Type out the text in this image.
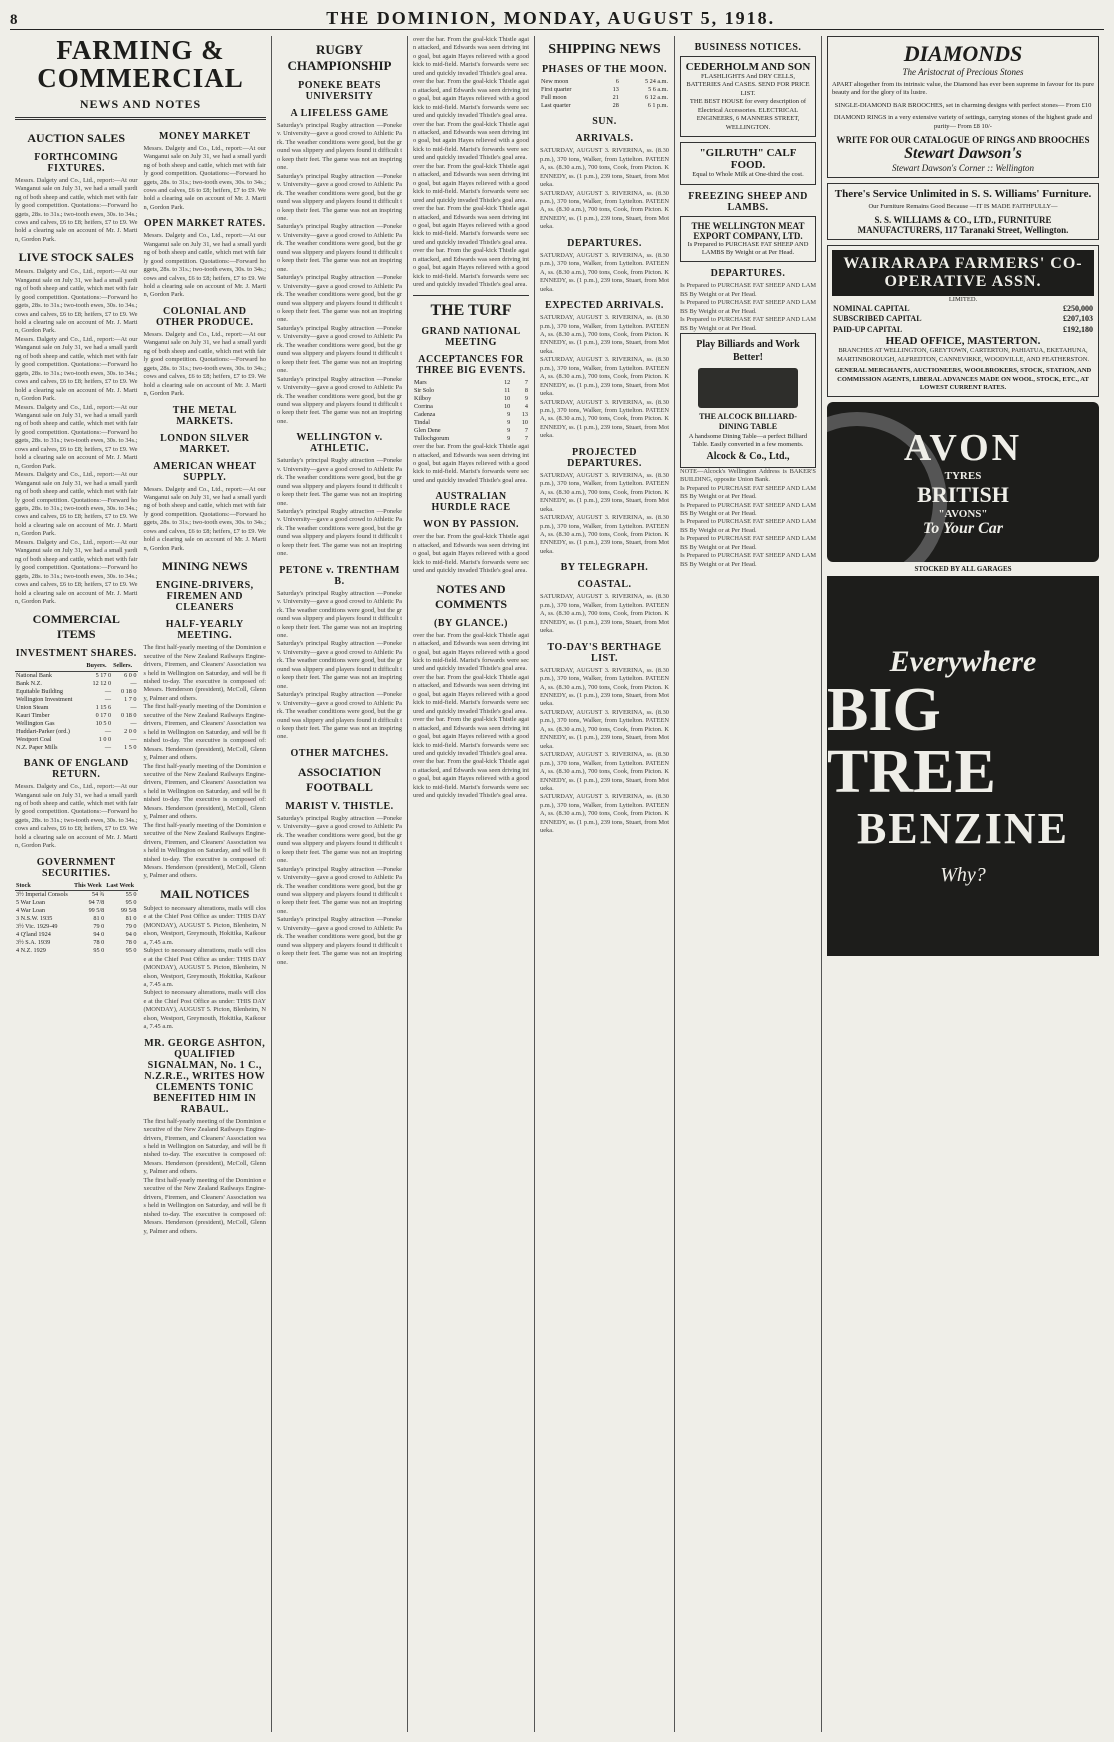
8	THE DOMINION, MONDAY, AUGUST 5, 1918.
FARMING & COMMERCIAL
NEWS AND NOTES
AUCTION SALES
FORTHCOMING FIXTURES.
Messrs. Dalgety and Co., Ltd., report:—At our Wanganui sale on July 31, we had a small yarding of both sheep and cattle, which met with fairly good competition. Quotations:—Forward hoggets, 28s. to 31s.; two-tooth ewes, 30s. to 34s.; cows and calves, £6 to £8; heifers, £7 to £9. We hold a clearing sale on account of Mr. J. Martin, Gordon Park.
LIVE STOCK SALES
Messrs. Dalgety and Co., Ltd., report:—At our Wanganui sale on July 31, we had a small yarding of both sheep and cattle, which met with fairly good competition. Quotations:—Forward hoggets, 28s. to 31s.; two-tooth ewes, 30s. to 34s.; cows and calves, £6 to £8; heifers, £7 to £9. We hold a clearing sale on account of Mr. J. Martin, Gordon Park.
Messrs. Dalgety and Co., Ltd., report:—At our Wanganui sale on July 31, we had a small yarding of both sheep and cattle, which met with fairly good competition. Quotations:—Forward hoggets, 28s. to 31s.; two-tooth ewes, 30s. to 34s.; cows and calves, £6 to £8; heifers, £7 to £9. We hold a clearing sale on account of Mr. J. Martin, Gordon Park.
Messrs. Dalgety and Co., Ltd., report:—At our Wanganui sale on July 31, we had a small yarding of both sheep and cattle, which met with fairly good competition. Quotations:—Forward hoggets, 28s. to 31s.; two-tooth ewes, 30s. to 34s.; cows and calves, £6 to £8; heifers, £7 to £9. We hold a clearing sale on account of Mr. J. Martin, Gordon Park.
Messrs. Dalgety and Co., Ltd., report:—At our Wanganui sale on July 31, we had a small yarding of both sheep and cattle, which met with fairly good competition. Quotations:—Forward hoggets, 28s. to 31s.; two-tooth ewes, 30s. to 34s.; cows and calves, £6 to £8; heifers, £7 to £9. We hold a clearing sale on account of Mr. J. Martin, Gordon Park.
Messrs. Dalgety and Co., Ltd., report:—At our Wanganui sale on July 31, we had a small yarding of both sheep and cattle, which met with fairly good competition. Quotations:—Forward hoggets, 28s. to 31s.; two-tooth ewes, 30s. to 34s.; cows and calves, £6 to £8; heifers, £7 to £9. We hold a clearing sale on account of Mr. J. Martin, Gordon Park.
COMMERCIAL ITEMS
INVESTMENT SHARES.
	Buyers.	Sellers.
National Bank	5 17 0	6 0 0
Bank N.Z.	12 12 0	—
Equitable Building	—	0 18 0
Wellington Investment	—	1 7 0
Union Steam	1 15 6	—
Kauri Timber	0 17 0	0 18 0
Wellington Gas	10 5 0	—
Huddart-Parker (ord.)	—	2 0 0
Westport Coal	1 0 0	—
N.Z. Paper Mills	—	1 5 0
BANK OF ENGLAND RETURN.
Messrs. Dalgety and Co., Ltd., report:—At our Wanganui sale on July 31, we had a small yarding of both sheep and cattle, which met with fairly good competition. Quotations:—Forward hoggets, 28s. to 31s.; two-tooth ewes, 30s. to 34s.; cows and calves, £6 to £8; heifers, £7 to £9. We hold a clearing sale on account of Mr. J. Martin, Gordon Park.
GOVERNMENT SECURITIES.
Stock	This Week	Last Week
3½ Imperial Consols	54 ¾	55 0
5 War Loan	94 7/8	95 0
4 War Loan	99 5/8	99 5/8
3 N.S.W. 1935	81 0	81 0
3½ Vic. 1929-49	79 0	79 0
4 Q'land 1924	94 0	94 0
3½ S.A. 1939	78 0	78 0
4 N.Z. 1929	95 0	95 0
MONEY MARKET
Messrs. Dalgety and Co., Ltd., report:—At our Wanganui sale on July 31, we had a small yarding of both sheep and cattle, which met with fairly good competition. Quotations:—Forward hoggets, 28s. to 31s.; two-tooth ewes, 30s. to 34s.; cows and calves, £6 to £8; heifers, £7 to £9. We hold a clearing sale on account of Mr. J. Martin, Gordon Park.
OPEN MARKET RATES.
Messrs. Dalgety and Co., Ltd., report:—At our Wanganui sale on July 31, we had a small yarding of both sheep and cattle, which met with fairly good competition. Quotations:—Forward hoggets, 28s. to 31s.; two-tooth ewes, 30s. to 34s.; cows and calves, £6 to £8; heifers, £7 to £9. We hold a clearing sale on account of Mr. J. Martin, Gordon Park.
COLONIAL AND OTHER PRODUCE.
Messrs. Dalgety and Co., Ltd., report:—At our Wanganui sale on July 31, we had a small yarding of both sheep and cattle, which met with fairly good competition. Quotations:—Forward hoggets, 28s. to 31s.; two-tooth ewes, 30s. to 34s.; cows and calves, £6 to £8; heifers, £7 to £9. We hold a clearing sale on account of Mr. J. Martin, Gordon Park.
THE METAL MARKETS.
LONDON SILVER MARKET.
AMERICAN WHEAT SUPPLY.
Messrs. Dalgety and Co., Ltd., report:—At our Wanganui sale on July 31, we had a small yarding of both sheep and cattle, which met with fairly good competition. Quotations:—Forward hoggets, 28s. to 31s.; two-tooth ewes, 30s. to 34s.; cows and calves, £6 to £8; heifers, £7 to £9. We hold a clearing sale on account of Mr. J. Martin, Gordon Park.
MINING NEWS
ENGINE-DRIVERS, FIREMEN AND CLEANERS
HALF-YEARLY MEETING.
The first half-yearly meeting of the Dominion executive of the New Zealand Railways Engine-drivers, Firemen, and Cleaners' Association was held in Wellington on Saturday, and will be finished to-day. The executive is composed of: Messrs. Henderson (president), McColl, Glenny, Palmer and others.
The first half-yearly meeting of the Dominion executive of the New Zealand Railways Engine-drivers, Firemen, and Cleaners' Association was held in Wellington on Saturday, and will be finished to-day. The executive is composed of: Messrs. Henderson (president), McColl, Glenny, Palmer and others.
The first half-yearly meeting of the Dominion executive of the New Zealand Railways Engine-drivers, Firemen, and Cleaners' Association was held in Wellington on Saturday, and will be finished to-day. The executive is composed of: Messrs. Henderson (president), McColl, Glenny, Palmer and others.
The first half-yearly meeting of the Dominion executive of the New Zealand Railways Engine-drivers, Firemen, and Cleaners' Association was held in Wellington on Saturday, and will be finished to-day. The executive is composed of: Messrs. Henderson (president), McColl, Glenny, Palmer and others.
MAIL NOTICES
Subject to necessary alterations, mails will close at the Chief Post Office as under: THIS DAY (MONDAY), AUGUST 5. Picton, Blenheim, Nelson, Westport, Greymouth, Hokitika, Kaikoura, 7.45 a.m.
Subject to necessary alterations, mails will close at the Chief Post Office as under: THIS DAY (MONDAY), AUGUST 5. Picton, Blenheim, Nelson, Westport, Greymouth, Hokitika, Kaikoura, 7.45 a.m.
Subject to necessary alterations, mails will close at the Chief Post Office as under: THIS DAY (MONDAY), AUGUST 5. Picton, Blenheim, Nelson, Westport, Greymouth, Hokitika, Kaikoura, 7.45 a.m.
MR. GEORGE ASHTON, QUALIFIED SIGNALMAN, No. 1 C., N.Z.R.E., WRITES HOW CLEMENTS TONIC BENEFITED HIM IN RABAUL.
The first half-yearly meeting of the Dominion executive of the New Zealand Railways Engine-drivers, Firemen, and Cleaners' Association was held in Wellington on Saturday, and will be finished to-day. The executive is composed of: Messrs. Henderson (president), McColl, Glenny, Palmer and others.
The first half-yearly meeting of the Dominion executive of the New Zealand Railways Engine-drivers, Firemen, and Cleaners' Association was held in Wellington on Saturday, and will be finished to-day. The executive is composed of: Messrs. Henderson (president), McColl, Glenny, Palmer and others.
RUGBY CHAMPIONSHIP
PONEKE BEATS UNIVERSITY
A LIFELESS GAME
Saturday's principal Rugby attraction —Poneke v. University—gave a good crowd to Athletic Park. The weather conditions were good, but the ground was slippery and players found it difficult to keep their feet. The game was not an inspiring one.
Saturday's principal Rugby attraction —Poneke v. University—gave a good crowd to Athletic Park. The weather conditions were good, but the ground was slippery and players found it difficult to keep their feet. The game was not an inspiring one.
Saturday's principal Rugby attraction —Poneke v. University—gave a good crowd to Athletic Park. The weather conditions were good, but the ground was slippery and players found it difficult to keep their feet. The game was not an inspiring one.
Saturday's principal Rugby attraction —Poneke v. University—gave a good crowd to Athletic Park. The weather conditions were good, but the ground was slippery and players found it difficult to keep their feet. The game was not an inspiring one.
Saturday's principal Rugby attraction —Poneke v. University—gave a good crowd to Athletic Park. The weather conditions were good, but the ground was slippery and players found it difficult to keep their feet. The game was not an inspiring one.
Saturday's principal Rugby attraction —Poneke v. University—gave a good crowd to Athletic Park. The weather conditions were good, but the ground was slippery and players found it difficult to keep their feet. The game was not an inspiring one.
WELLINGTON v. ATHLETIC.
Saturday's principal Rugby attraction —Poneke v. University—gave a good crowd to Athletic Park. The weather conditions were good, but the ground was slippery and players found it difficult to keep their feet. The game was not an inspiring one.
Saturday's principal Rugby attraction —Poneke v. University—gave a good crowd to Athletic Park. The weather conditions were good, but the ground was slippery and players found it difficult to keep their feet. The game was not an inspiring one.
PETONE v. TRENTHAM B.
Saturday's principal Rugby attraction —Poneke v. University—gave a good crowd to Athletic Park. The weather conditions were good, but the ground was slippery and players found it difficult to keep their feet. The game was not an inspiring one.
Saturday's principal Rugby attraction —Poneke v. University—gave a good crowd to Athletic Park. The weather conditions were good, but the ground was slippery and players found it difficult to keep their feet. The game was not an inspiring one.
Saturday's principal Rugby attraction —Poneke v. University—gave a good crowd to Athletic Park. The weather conditions were good, but the ground was slippery and players found it difficult to keep their feet. The game was not an inspiring one.
OTHER MATCHES.
ASSOCIATION FOOTBALL
MARIST V. THISTLE.
Saturday's principal Rugby attraction —Poneke v. University—gave a good crowd to Athletic Park. The weather conditions were good, but the ground was slippery and players found it difficult to keep their feet. The game was not an inspiring one.
Saturday's principal Rugby attraction —Poneke v. University—gave a good crowd to Athletic Park. The weather conditions were good, but the ground was slippery and players found it difficult to keep their feet. The game was not an inspiring one.
Saturday's principal Rugby attraction —Poneke v. University—gave a good crowd to Athletic Park. The weather conditions were good, but the ground was slippery and players found it difficult to keep their feet. The game was not an inspiring one.
over the bar. From the goal-kick Thistle again attacked, and Edwards was seen driving into goal, but again Hayes relieved with a good kick to mid-field. Marist's forwards were secured and quickly invaded Thistle's goal area.
over the bar. From the goal-kick Thistle again attacked, and Edwards was seen driving into goal, but again Hayes relieved with a good kick to mid-field. Marist's forwards were secured and quickly invaded Thistle's goal area.
over the bar. From the goal-kick Thistle again attacked, and Edwards was seen driving into goal, but again Hayes relieved with a good kick to mid-field. Marist's forwards were secured and quickly invaded Thistle's goal area.
over the bar. From the goal-kick Thistle again attacked, and Edwards was seen driving into goal, but again Hayes relieved with a good kick to mid-field. Marist's forwards were secured and quickly invaded Thistle's goal area.
over the bar. From the goal-kick Thistle again attacked, and Edwards was seen driving into goal, but again Hayes relieved with a good kick to mid-field. Marist's forwards were secured and quickly invaded Thistle's goal area.
over the bar. From the goal-kick Thistle again attacked, and Edwards was seen driving into goal, but again Hayes relieved with a good kick to mid-field. Marist's forwards were secured and quickly invaded Thistle's goal area.
THE TURF
GRAND NATIONAL MEETING
ACCEPTANCES FOR THREE BIG EVENTS.
Mars	12	7
Sir Solo	11	8
Kilboy	10	9
Corrina	10	4
Cadenza	9	13
Tindal	9	10
Glen Dene	9	7
Tullochgorum	9	7
over the bar. From the goal-kick Thistle again attacked, and Edwards was seen driving into goal, but again Hayes relieved with a good kick to mid-field. Marist's forwards were secured and quickly invaded Thistle's goal area.
AUSTRALIAN HURDLE RACE
WON BY PASSION.
over the bar. From the goal-kick Thistle again attacked, and Edwards was seen driving into goal, but again Hayes relieved with a good kick to mid-field. Marist's forwards were secured and quickly invaded Thistle's goal area.
NOTES AND COMMENTS
(BY GLANCE.)
over the bar. From the goal-kick Thistle again attacked, and Edwards was seen driving into goal, but again Hayes relieved with a good kick to mid-field. Marist's forwards were secured and quickly invaded Thistle's goal area.
over the bar. From the goal-kick Thistle again attacked, and Edwards was seen driving into goal, but again Hayes relieved with a good kick to mid-field. Marist's forwards were secured and quickly invaded Thistle's goal area.
over the bar. From the goal-kick Thistle again attacked, and Edwards was seen driving into goal, but again Hayes relieved with a good kick to mid-field. Marist's forwards were secured and quickly invaded Thistle's goal area.
over the bar. From the goal-kick Thistle again attacked, and Edwards was seen driving into goal, but again Hayes relieved with a good kick to mid-field. Marist's forwards were secured and quickly invaded Thistle's goal area.
SHIPPING NEWS
PHASES OF THE MOON.
New moon	6	5 24 a.m.
First quarter	13	5 6 a.m.
Full moon	21	6 12 a.m.
Last quarter	28	6 1 p.m.
SUN.
ARRIVALS.
SATURDAY, AUGUST 3. RIVERINA, ss. (8.30 p.m.), 370 tons, Walker, from Lyttelton. PATEENA, ss. (8.30 a.m.), 700 tons, Cook, from Picton. KENNEDY, ss. (1 p.m.), 239 tons, Stuart, from Motueka.
SATURDAY, AUGUST 3. RIVERINA, ss. (8.30 p.m.), 370 tons, Walker, from Lyttelton. PATEENA, ss. (8.30 a.m.), 700 tons, Cook, from Picton. KENNEDY, ss. (1 p.m.), 239 tons, Stuart, from Motueka.
DEPARTURES.
SATURDAY, AUGUST 3. RIVERINA, ss. (8.30 p.m.), 370 tons, Walker, from Lyttelton. PATEENA, ss. (8.30 a.m.), 700 tons, Cook, from Picton. KENNEDY, ss. (1 p.m.), 239 tons, Stuart, from Motueka.
EXPECTED ARRIVALS.
SATURDAY, AUGUST 3. RIVERINA, ss. (8.30 p.m.), 370 tons, Walker, from Lyttelton. PATEENA, ss. (8.30 a.m.), 700 tons, Cook, from Picton. KENNEDY, ss. (1 p.m.), 239 tons, Stuart, from Motueka.
SATURDAY, AUGUST 3. RIVERINA, ss. (8.30 p.m.), 370 tons, Walker, from Lyttelton. PATEENA, ss. (8.30 a.m.), 700 tons, Cook, from Picton. KENNEDY, ss. (1 p.m.), 239 tons, Stuart, from Motueka.
SATURDAY, AUGUST 3. RIVERINA, ss. (8.30 p.m.), 370 tons, Walker, from Lyttelton. PATEENA, ss. (8.30 a.m.), 700 tons, Cook, from Picton. KENNEDY, ss. (1 p.m.), 239 tons, Stuart, from Motueka.
PROJECTED DEPARTURES.
SATURDAY, AUGUST 3. RIVERINA, ss. (8.30 p.m.), 370 tons, Walker, from Lyttelton. PATEENA, ss. (8.30 a.m.), 700 tons, Cook, from Picton. KENNEDY, ss. (1 p.m.), 239 tons, Stuart, from Motueka.
SATURDAY, AUGUST 3. RIVERINA, ss. (8.30 p.m.), 370 tons, Walker, from Lyttelton. PATEENA, ss. (8.30 a.m.), 700 tons, Cook, from Picton. KENNEDY, ss. (1 p.m.), 239 tons, Stuart, from Motueka.
BY TELEGRAPH.
COASTAL.
SATURDAY, AUGUST 3. RIVERINA, ss. (8.30 p.m.), 370 tons, Walker, from Lyttelton. PATEENA, ss. (8.30 a.m.), 700 tons, Cook, from Picton. KENNEDY, ss. (1 p.m.), 239 tons, Stuart, from Motueka.
TO-DAY'S BERTHAGE LIST.
SATURDAY, AUGUST 3. RIVERINA, ss. (8.30 p.m.), 370 tons, Walker, from Lyttelton. PATEENA, ss. (8.30 a.m.), 700 tons, Cook, from Picton. KENNEDY, ss. (1 p.m.), 239 tons, Stuart, from Motueka.
SATURDAY, AUGUST 3. RIVERINA, ss. (8.30 p.m.), 370 tons, Walker, from Lyttelton. PATEENA, ss. (8.30 a.m.), 700 tons, Cook, from Picton. KENNEDY, ss. (1 p.m.), 239 tons, Stuart, from Motueka.
SATURDAY, AUGUST 3. RIVERINA, ss. (8.30 p.m.), 370 tons, Walker, from Lyttelton. PATEENA, ss. (8.30 a.m.), 700 tons, Cook, from Picton. KENNEDY, ss. (1 p.m.), 239 tons, Stuart, from Motueka.
SATURDAY, AUGUST 3. RIVERINA, ss. (8.30 p.m.), 370 tons, Walker, from Lyttelton. PATEENA, ss. (8.30 a.m.), 700 tons, Cook, from Picton. KENNEDY, ss. (1 p.m.), 239 tons, Stuart, from Motueka.
BUSINESS NOTICES.
CEDERHOLM AND SON
FLASHLIGHTS And DRY CELLS, BATTERIES And CASES. SEND FOR PRICE LIST.
THE BEST HOUSE for every description of Electrical Accessories. ELECTRICAL ENGINEERS, 6 MANNERS STREET, WELLINGTON.
"GILRUTH" CALF FOOD.
Equal to Whole Milk at One-third the cost.
FREEZING SHEEP AND LAMBS.
THE WELLINGTON MEAT EXPORT COMPANY, LTD.
Is Prepared to PURCHASE FAT SHEEP AND LAMBS By Weight or at Per Head.
DEPARTURES.
Is Prepared to PURCHASE FAT SHEEP AND LAMBS By Weight or at Per Head.
Is Prepared to PURCHASE FAT SHEEP AND LAMBS By Weight or at Per Head.
Is Prepared to PURCHASE FAT SHEEP AND LAMBS By Weight or at Per Head.
Play Billiards and Work Better!
THE ALCOCK BILLIARD-DINING TABLE
A handsome Dining Table—a perfect Billiard Table. Easily converted in a few moments.
Alcock & Co., Ltd.,
NOTE—Alcock's Wellington Address is BAKER'S BUILDING, opposite Union Bank.
Is Prepared to PURCHASE FAT SHEEP AND LAMBS By Weight or at Per Head.
Is Prepared to PURCHASE FAT SHEEP AND LAMBS By Weight or at Per Head.
Is Prepared to PURCHASE FAT SHEEP AND LAMBS By Weight or at Per Head.
Is Prepared to PURCHASE FAT SHEEP AND LAMBS By Weight or at Per Head.
Is Prepared to PURCHASE FAT SHEEP AND LAMBS By Weight or at Per Head.
DIAMONDS
The Aristocrat of Precious Stones
APART altogether from its intrinsic value, the Diamond has ever been supreme in favour for its pure beauty and for the glory of its lustre.
SINGLE-DIAMOND BAR BROOCHES, set in charming designs with perfect stones— From £10
DIAMOND RINGS in a very extensive variety of settings, carrying stones of the highest grade and purity— From £8 10/-
WRITE FOR OUR CATALOGUE OF RINGS AND BROOCHES
Stewart Dawson's
Stewart Dawson's Corner :: Wellington
There's Service Unlimited in S. S. Williams' Furniture.
Our Furniture Remains Good Because —IT IS MADE FAITHFULLY—
S. S. WILLIAMS & CO., LTD., FURNITURE MANUFACTURERS, 117 Taranaki Street, Wellington.
WAIRARAPA FARMERS' CO-OPERATIVE ASSN.
LIMITED.
NOMINAL CAPITAL	£250,000
SUBSCRIBED CAPITAL	£207,103
PAID-UP CAPITAL	£192,180
HEAD OFFICE, MASTERTON.
BRANCHES AT WELLINGTON, GREYTOWN, CARTERTON, PAHIATUA, EKETAHUNA, MARTINBOROUGH, ALFREDTON, CANNEVIRKE, WOODVILLE, AND FEATHERSTON.
GENERAL MERCHANTS, AUCTIONEERS, WOOLBROKERS, STOCK, STATION, AND COMMISSION AGENTS, LIBERAL ADVANCES MADE ON WOOL, STOCK, ETC., AT LOWEST CURRENT RATES.
AVON
TYRES
BRITISH
"AVONS"
To Your Car
STOCKED BY ALL GARAGES
Everywhere
BIG TREE
BENZINE
Why?
